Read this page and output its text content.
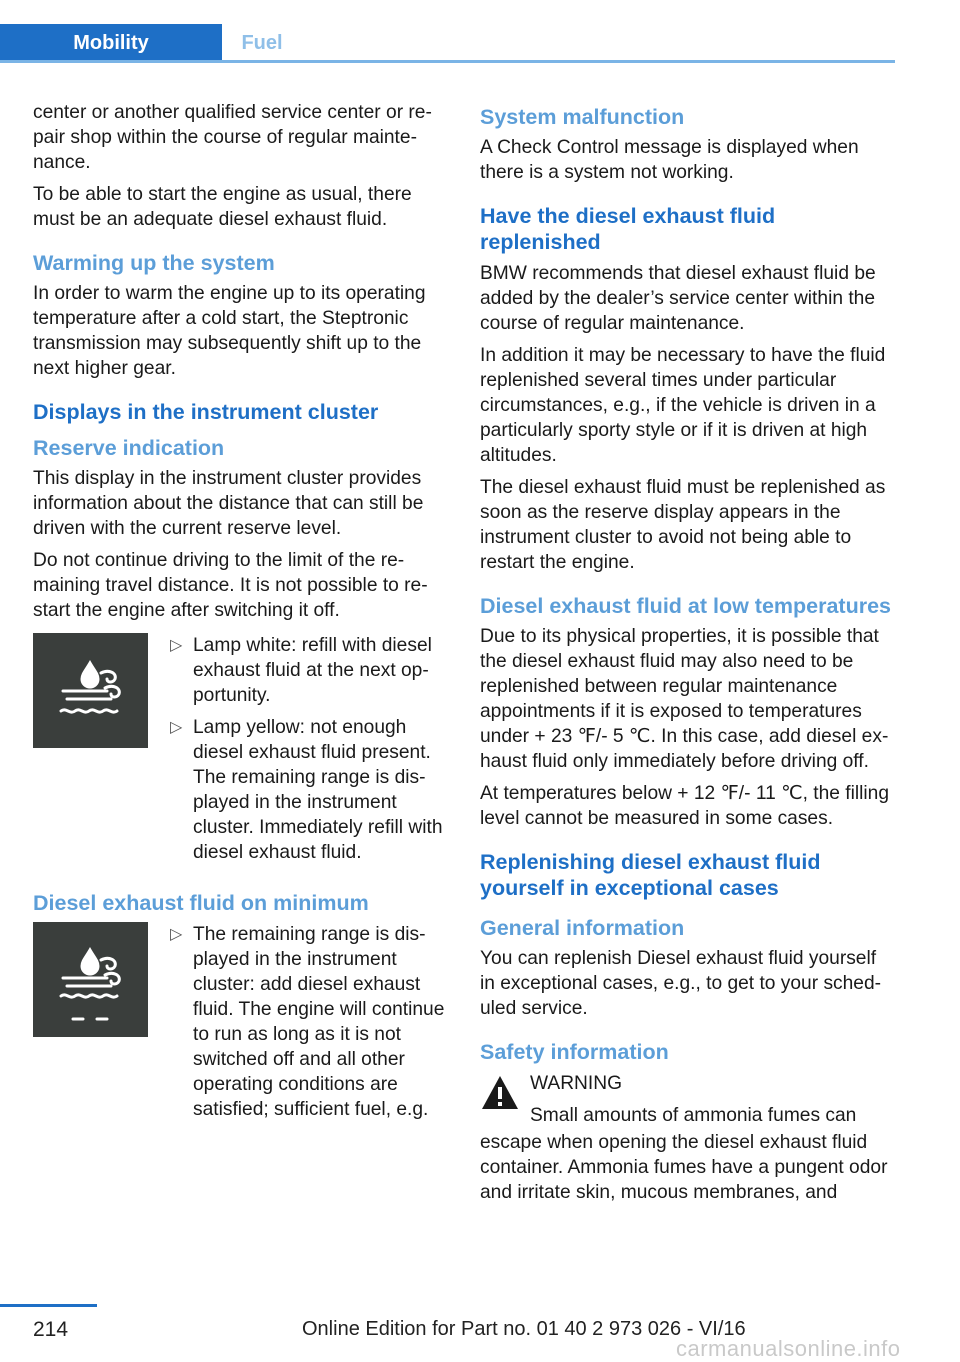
Mobility	Fuel

center or another qualified service center or repair shop within the course of regular maintenance.

To be able to start the engine as usual, there must be an adequate diesel exhaust fluid.

Warming up the system

In order to warm the engine up to its operating temperature after a cold start, the Steptronic transmission may subsequently shift up to the next higher gear.

Displays in the instrument cluster
Reserve indication

This display in the instrument cluster provides information about the distance that can still be driven with the current reserve level.

Do not continue driving to the limit of the remaining travel distance. It is not possible to restart the engine after switching it off.

▷ Lamp white: refill with diesel exhaust fluid at the next opportunity.
▷ Lamp yellow: not enough diesel exhaust fluid present. The remaining range is displayed in the instrument cluster. Immediately refill with diesel exhaust fluid.
Diesel exhaust fluid on minimum
▷ The remaining range is displayed in the instrument cluster: add diesel exhaust fluid. The engine will continue to run as long as it is not switched off and all other operating conditions are satisfied; sufficient fuel, e.g.
System malfunction

A Check Control message is displayed when there is a system not working.

Have the diesel exhaust fluid replenished

BMW recommends that diesel exhaust fluid be added by the dealer’s service center within the course of regular maintenance.

In addition it may be necessary to have the fluid replenished several times under particular circumstances, e.g., if the vehicle is driven in a particularly sporty style or if it is driven at high altitudes.

The diesel exhaust fluid must be replenished as soon as the reserve display appears in the instrument cluster to avoid not being able to restart the engine.

Diesel exhaust fluid at low temperatures

Due to its physical properties, it is possible that the diesel exhaust fluid may also need to be replenished between regular maintenance appointments if it is exposed to temperatures under + 23 ℉/- 5 ℃. In this case, add diesel exhaust fluid only immediately before driving off.

At temperatures below + 12 ℉/- 11 ℃, the filling level cannot be measured in some cases.

Replenishing diesel exhaust fluid yourself in exceptional cases
General information

You can replenish Diesel exhaust fluid yourself in exceptional cases, e.g., to get to your scheduled service.

Safety information
WARNING
Small amounts of ammonia fumes can

escape when opening the diesel exhaust fluid container. Ammonia fumes have a pungent odor and irritate skin, mucous membranes, and

214	Online Edition for Part no. 01 40 2 973 026 - VI/16
carmanualsonline.info
